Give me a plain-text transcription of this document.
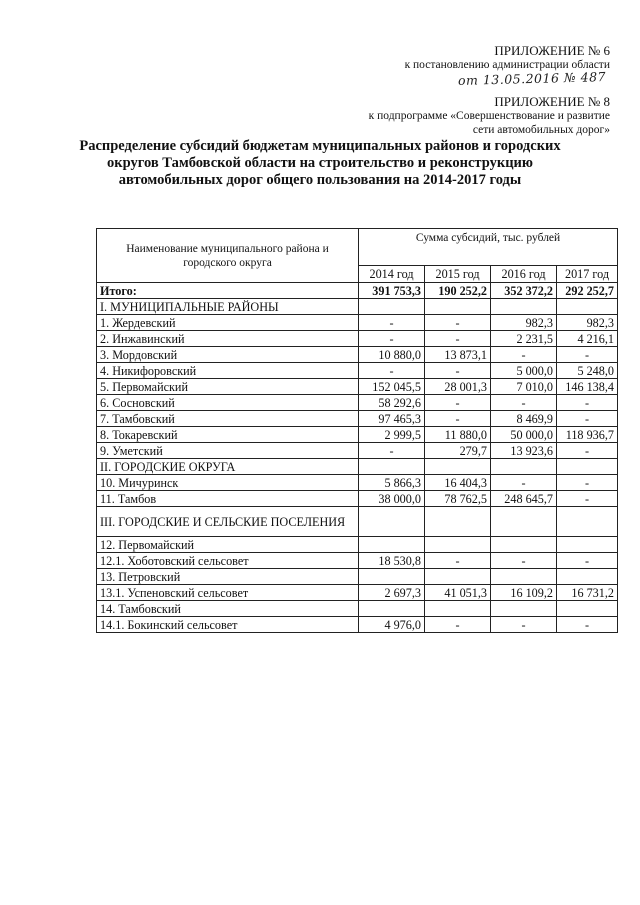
ПРИЛОЖЕНИЕ № 6
к постановлению администрации области
от 13.05.2016 № 487
ПРИЛОЖЕНИЕ № 8
к подпрограмме «Совершенствование и развитие
сети автомобильных дорог»
Распределение субсидий бюджетам муниципальных районов и городских
округов Тамбовской области на строительство и реконструкцию
автомобильных дорог общего пользования на 2014-2017 годы
Наименование муниципального района и городского округа	Сумма субсидий, тыс. рублей			
	2014 год	2015 год	2016 год	2017 год
Итого:	391 753,3	190 252,2	352 372,2	292 252,7
I. МУНИЦИПАЛЬНЫЕ РАЙОНЫ				
1. Жердевский	-	-	982,3	982,3
2. Инжавинский	-	-	2 231,5	4 216,1
3. Мордовский	10 880,0	13 873,1	-	-
4. Никифоровский	-	-	5 000,0	5 248,0
5. Первомайский	152 045,5	28 001,3	7 010,0	146 138,4
6. Сосновский	58 292,6	-	-	-
7. Тамбовский	97 465,3	-	8 469,9	-
8. Токаревский	2 999,5	11 880,0	50 000,0	118 936,7
9. Уметский	-	279,7	13 923,6	-
II. ГОРОДСКИЕ ОКРУГА				
10. Мичуринск	5 866,3	16 404,3	-	-
11. Тамбов	38 000,0	78 762,5	248 645,7	-
III. ГОРОДСКИЕ И СЕЛЬСКИЕ ПОСЕЛЕНИЯ				
12. Первомайский				
12.1. Хоботовский сельсовет	18 530,8	-	-	-
13. Петровский				
13.1. Успеновский сельсовет	2 697,3	41 051,3	16 109,2	16 731,2
14. Тамбовский				
14.1. Бокинский сельсовет	4 976,0	-	-	-
